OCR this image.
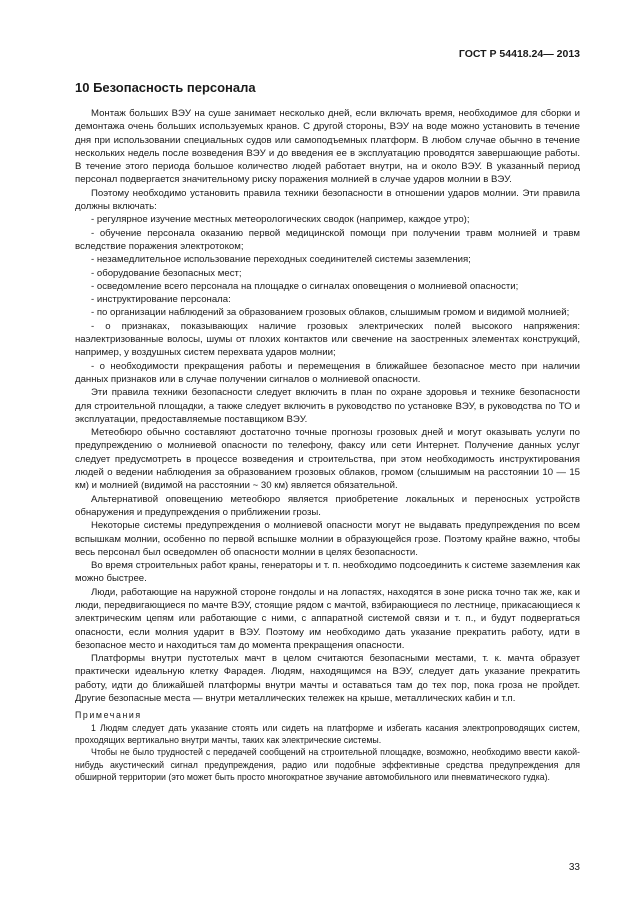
ГОСТ Р 54418.24— 2013
10 Безопасность персонала

Монтаж больших ВЭУ на суше занимает несколько дней, если включать время, необходимое для сборки и демонтажа очень больших используемых кранов. С другой стороны, ВЭУ на воде можно установить в течение дня при использовании специальных судов или самоподъемных платформ. В любом случае обычно в течение нескольких недель после возведения ВЭУ и до введения ее в эксплуатацию проводятся завершающие работы. В течение этого периода большое количество людей работает внутри, на и около ВЭУ. В указанный период персонал подвергается значительному риску поражения молнией в случае ударов молнии в ВЭУ.

Поэтому необходимо установить правила техники безопасности в отношении ударов молнии. Эти правила должны включать:

- регулярное изучение местных метеорологических сводок (например, каждое утро);

- обучение персонала оказанию первой медицинской помощи при получении травм молнией и травм вследствие поражения электротоком;

- незамедлительное использование переходных соединителей системы заземления;

- оборудование безопасных мест;

- осведомление всего персонала на площадке о сигналах оповещения о молниевой опасности;

- инструктирование персонала:

- по организации наблюдений за образованием грозовых облаков, слышимым громом и видимой молнией;

- о признаках, показывающих наличие грозовых электрических полей высокого напряжения: наэлектризованные волосы, шумы от плохих контактов или свечение на заостренных элементах конструкций, например, у воздушных систем перехвата ударов молнии;

- о необходимости прекращения работы и перемещения в ближайшее безопасное место при наличии данных признаков или в случае получении сигналов о молниевой опасности.

Эти правила техники безопасности следует включить в план по охране здоровья и технике безопасности для строительной площадки, а также следует включить в руководство по установке ВЭУ, в руководства по ТО и эксплуатации, предоставляемые поставщиком ВЭУ.

Метеобюро обычно составляют достаточно точные прогнозы грозовых дней и могут оказывать услуги по предупреждению о молниевой опасности по телефону, факсу или сети Интернет. Получение данных услуг следует предусмотреть в процессе возведения и строительства, при этом необходимость инструктирования людей о ведении наблюдения за образованием грозовых облаков, громом (слышимым на расстоянии 10 — 15 км) и молнией (видимой на расстоянии ~ 30 км) является обязательной.

Альтернативой оповещению метеобюро является приобретение локальных и переносных устройств обнаружения и предупреждения о приближении грозы.

Некоторые системы предупреждения о молниевой опасности могут не выдавать предупреждения по всем вспышкам молнии, особенно по первой вспышке молнии в образующейся грозе. Поэтому крайне важно, чтобы весь персонал был осведомлен об опасности молнии в целях безопасности.

Во время строительных работ краны, генераторы и т. п. необходимо подсоединить к системе заземления как можно быстрее.

Люди, работающие на наружной стороне гондолы и на лопастях, находятся в зоне риска точно так же, как и люди, передвигающиеся по мачте ВЭУ, стоящие рядом с мачтой, взбирающиеся по лестнице, прикасающиеся к электрическим цепям или работающие с ними, с аппаратной системой связи и т. п., и будут подвергаться опасности, если молния ударит в ВЭУ. Поэтому им необходимо дать указание прекратить работу, идти в безопасное место и находиться там до момента прекращения опасности.

Платформы внутри пустотелых мачт в целом считаются безопасными местами, т. к. мачта образует практически идеальную клетку Фарадея. Людям, находящимся на ВЭУ, следует дать указание прекратить работу, идти до ближайшей платформы внутри мачты и оставаться там до тех пор, пока гроза не пройдет. Другие безопасные места — внутри металлических тележек на крыше, металлических кабин и т.п.

Примечания

1 Людям следует дать указание стоять или сидеть на платформе и избегать касания электропроводящих систем, проходящих вертикально внутри мачты, таких как электрические системы.

Чтобы не было трудностей с передачей сообщений на строительной площадке, возможно, необходимо ввести какой-нибудь акустический сигнал предупреждения, радио или подобные эффективные средства предупреждения для обширной территории (это может быть просто многократное звучание автомобильного или пневматического гудка).

33
